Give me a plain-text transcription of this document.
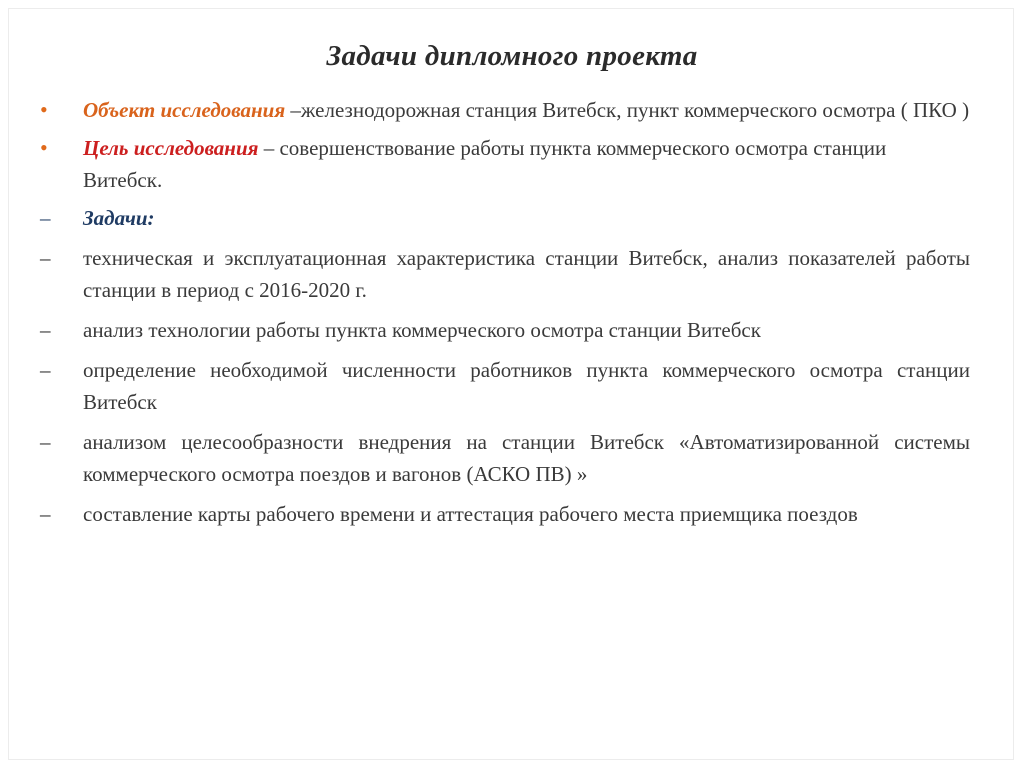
Задачи дипломного проекта
•	Объект исследования –железнодорожная станция Витебск, пункт коммерческого осмотра ( ПКО )
•	Цель исследования – совершенствование работы пункта коммерческого осмотра станции Витебск.
–	Задачи:
–	техническая и эксплуатационная характеристика станции Витебск, анализ показателей работы станции в период с 2016-2020 г.
–	анализ технологии работы пункта коммерческого осмотра станции Витебск
–	определение необходимой численности работников пункта коммерческого осмотра станции Витебск
–	анализом целесообразности внедрения на станции Витебск «Автоматизированной системы коммерческого осмотра поездов и вагонов (АСКО ПВ) »
–	составление карты рабочего времени и аттестация рабочего места приемщика поездов
